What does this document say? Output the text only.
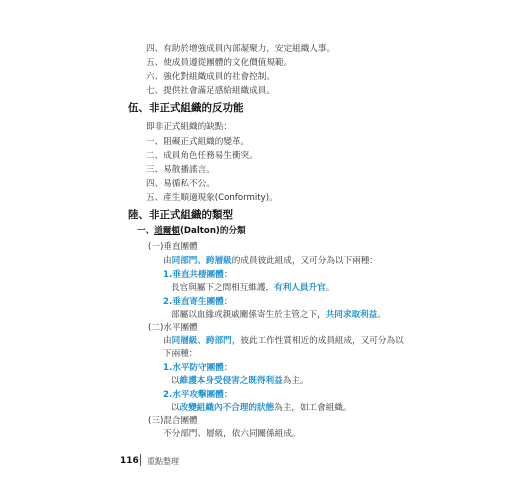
四、有助於增強成員內部凝聚力，安定組織人事。
五、使成員遵從團體的文化價值規範。
六、強化對組織成員的社會控制。
七、提供社會滿足感給組織成員。
伍、非正式組織的反功能
即非正式組織的缺點：
一、阻礙正式組織的變革。
二、成員角色任務易生衝突。
三、易散播謠言。
四、易循私不公。
五、產生順適現象(Conformity)。
陸、非正式組織的類型
一、道爾頓(Dalton)的分類
(一)垂直團體
由同部門、跨層級的成員彼此組成，又可分為以下兩種：
1.垂直共棲團體：
長官與屬下之間相互維護，有利人員升官。
2.垂直寄生團體：
部屬以血緣或親戚關係寄生於主管之下，共同求取利益。
(二)水平團體
由同層級、跨部門，彼此工作性質相近的成員組成，又可分為以
下兩種：
1.水平防守團體：
以維護本身受侵害之既得利益為主。
2.水平攻擊團體：
以改變組織內不合理的狀態為主，如工會組織。
(三)混合團體
不分部門、層級，依六同關係組成。
116 重點整理
